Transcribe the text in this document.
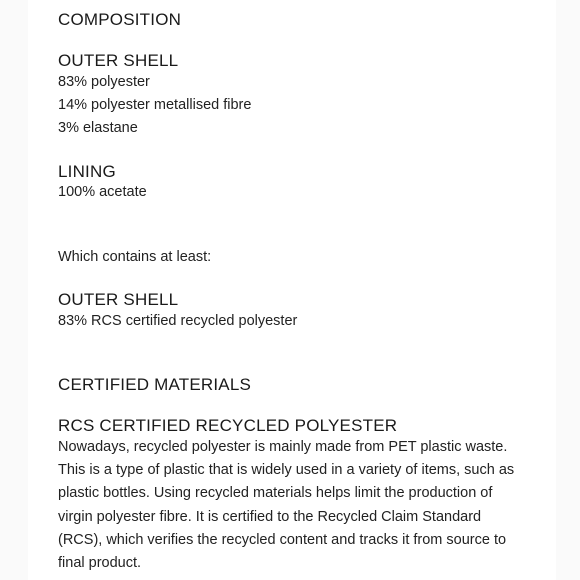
COMPOSITION
OUTER SHELL

83% polyester

14% polyester metallised fibre

3% elastane

LINING

100% acetate

Which contains at least:

OUTER SHELL

83% RCS certified recycled polyester

CERTIFIED MATERIALS
RCS CERTIFIED RECYCLED POLYESTER

Nowadays, recycled polyester is mainly made from PET plastic waste. This is a type of plastic that is widely used in a variety of items, such as plastic bottles. Using recycled materials helps limit the production of virgin polyester fibre. It is certified to the Recycled Claim Standard (RCS), which verifies the recycled content and tracks it from source to final product.
